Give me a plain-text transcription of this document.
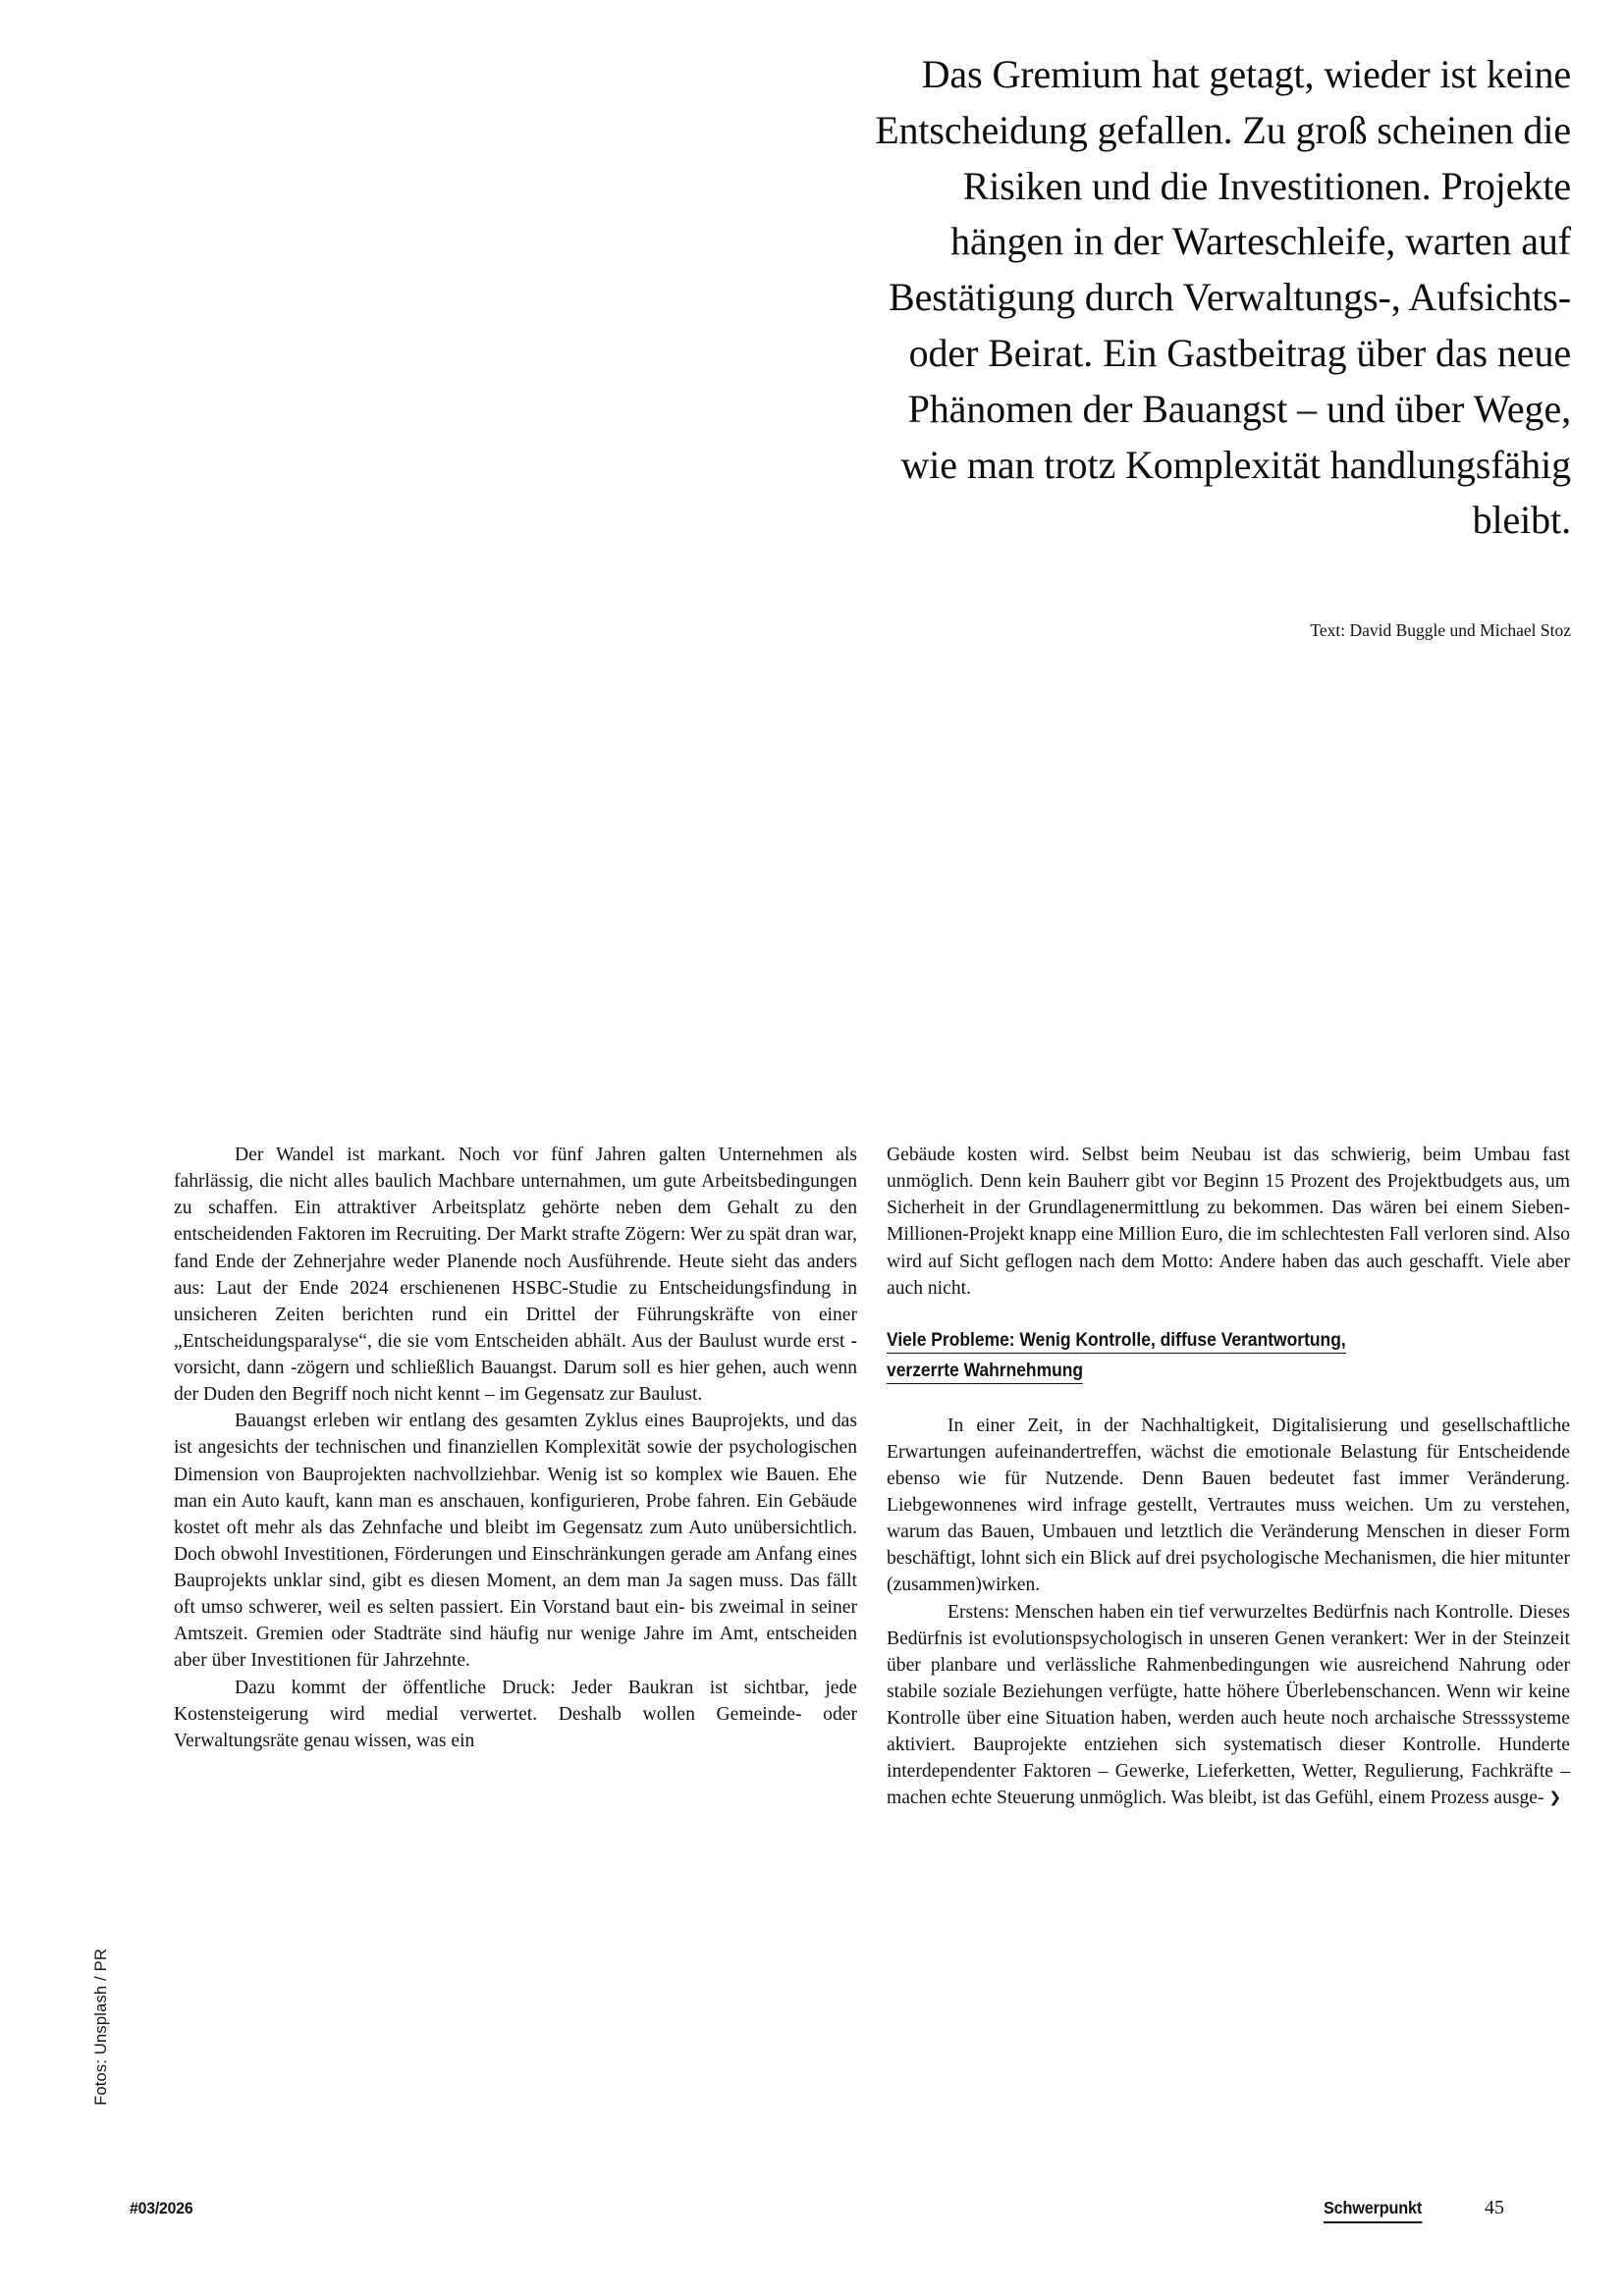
Das Gremium hat getagt, wieder ist keine Entscheidung gefallen. Zu groß scheinen die Risiken und die Investitionen. Projekte hängen in der Warteschleife, warten auf Bestätigung durch Verwaltungs-, Aufsichts- oder Beirat. Ein Gastbeitrag über das neue Phänomen der Bauangst – und über Wege, wie man trotz Komplexität handlungsfähig bleibt.
Text: David Buggle und Michael Stoz

Der Wandel ist markant. Noch vor fünf Jahren galten Unternehmen als fahrlässig, die nicht alles baulich Machbare unternahmen, um gute Arbeitsbedingungen zu schaffen. Ein attraktiver Arbeitsplatz gehörte neben dem Gehalt zu den entscheidenden Faktoren im Recruiting. Der Markt strafte Zögern: Wer zu spät dran war, fand Ende der Zehnerjahre weder Planende noch Ausführende. Heute sieht das anders aus: Laut der Ende 2024 erschienenen HSBC-Studie zu Entscheidungsfindung in unsicheren Zeiten berichten rund ein Drittel der Führungskräfte von einer „Entscheidungsparalyse“, die sie vom Entscheiden abhält. Aus der Baulust wurde erst -vorsicht, dann -zögern und schließlich Bauangst. Darum soll es hier gehen, auch wenn der Duden den Begriff noch nicht kennt – im Gegensatz zur Baulust.

Bauangst erleben wir entlang des gesamten Zyklus eines Bauprojekts, und das ist angesichts der technischen und finanziellen Komplexität sowie der psychologischen Dimension von Bauprojekten nachvollziehbar. Wenig ist so komplex wie Bauen. Ehe man ein Auto kauft, kann man es anschauen, konfigurieren, Probe fahren. Ein Gebäude kostet oft mehr als das Zehnfache und bleibt im Gegensatz zum Auto unübersichtlich. Doch obwohl Investitionen, Förderungen und Einschränkungen gerade am Anfang eines Bauprojekts unklar sind, gibt es diesen Moment, an dem man Ja sagen muss. Das fällt oft umso schwerer, weil es selten passiert. Ein Vorstand baut ein- bis zweimal in seiner Amtszeit. Gremien oder Stadträte sind häufig nur wenige Jahre im Amt, entscheiden aber über Investitionen für Jahrzehnte.

Dazu kommt der öffentliche Druck: Jeder Baukran ist sichtbar, jede Kostensteigerung wird medial verwertet. Deshalb wollen Gemeinde- oder Verwaltungsräte genau wissen, was ein

Gebäude kosten wird. Selbst beim Neubau ist das schwierig, beim Umbau fast unmöglich. Denn kein Bauherr gibt vor Beginn 15 Prozent des Projektbudgets aus, um Sicherheit in der Grundlagenermittlung zu bekommen. Das wären bei einem Sieben-Millionen-Projekt knapp eine Million Euro, die im schlechtesten Fall verloren sind. Also wird auf Sicht geflogen nach dem Motto: Andere haben das auch geschafft. Viele aber auch nicht.

Viele Probleme: Wenig Kontrolle, diffuse Verantwortung,
verzerrte Wahrnehmung

In einer Zeit, in der Nachhaltigkeit, Digitalisierung und gesellschaftliche Erwartungen aufeinandertreffen, wächst die emotionale Belastung für Entscheidende ebenso wie für Nutzende. Denn Bauen bedeutet fast immer Veränderung. Liebgewonnenes wird infrage gestellt, Vertrautes muss weichen. Um zu verstehen, warum das Bauen, Umbauen und letztlich die Veränderung Menschen in dieser Form beschäftigt, lohnt sich ein Blick auf drei psychologische Mechanismen, die hier mitunter (zusammen)wirken.

Erstens: Menschen haben ein tief verwurzeltes Bedürfnis nach Kontrolle. Dieses Bedürfnis ist evolutionspsychologisch in unseren Genen verankert: Wer in der Steinzeit über planbare und verlässliche Rahmenbedingungen wie ausreichend Nahrung oder stabile soziale Beziehungen verfügte, hatte höhere Überlebenschancen. Wenn wir keine Kontrolle über eine Situation haben, werden auch heute noch archaische Stresssysteme aktiviert. Bauprojekte entziehen sich systematisch dieser Kontrolle. Hunderte interdependenter Faktoren – Gewerke, Lieferketten, Wetter, Regulierung, Fachkräfte – machen echte Steuerung unmöglich. Was bleibt, ist das Gefühl, einem Prozess ausge- ❯

Fotos: Unsplash / PR
#03/2026	Schwerpunkt	45
